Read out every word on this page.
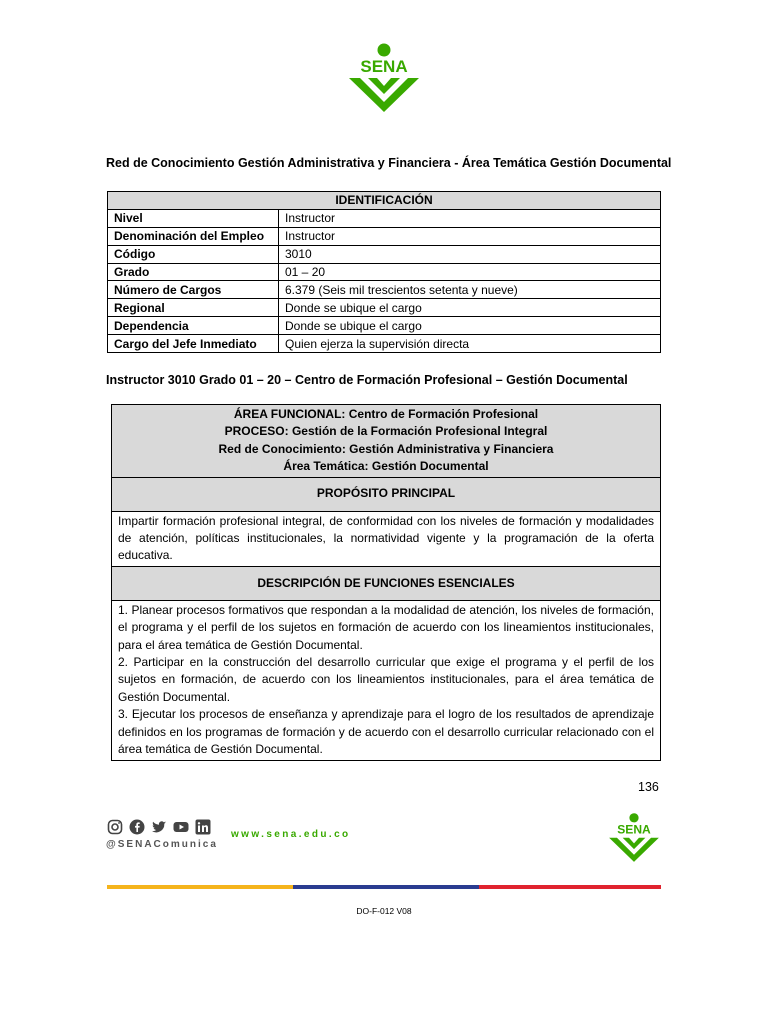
SENA
Red de Conocimiento Gestión Administrativa y Financiera - Área Temática Gestión Documental
IDENTIFICACIÓN	
Nivel	Instructor
Denominación del Empleo	Instructor
Código	3010
Grado	01 – 20
Número de Cargos	6.379 (Seis mil trescientos setenta y nueve)
Regional	Donde se ubique el cargo
Dependencia	Donde se ubique el cargo
Cargo del Jefe Inmediato	Quien ejerza la supervisión directa
Instructor 3010 Grado 01 – 20 – Centro de Formación Profesional – Gestión Documental
ÁREA FUNCIONAL: Centro de Formación Profesional
PROCESO: Gestión de la Formación Profesional Integral
Red de Conocimiento: Gestión Administrativa y Financiera
Área Temática: Gestión Documental

PROPÓSITO PRINCIPAL
Impartir formación profesional integral, de conformidad con los niveles de formación y modalidades de atención, políticas institucionales, la normatividad vigente y la programación de la oferta educativa.
DESCRIPCIÓN DE FUNCIONES ESENCIALES

1. Planear procesos formativos que respondan a la modalidad de atención, los niveles de formación, el programa y el perfil de los sujetos en formación de acuerdo con los lineamientos institucionales, para el área temática de Gestión Documental.
2. Participar en la construcción del desarrollo curricular que exige el programa y el perfil de los sujetos en formación, de acuerdo con los lineamientos institucionales, para el área temática de Gestión Documental.
3. Ejecutar los procesos de enseñanza y aprendizaje para el logro de los resultados de aprendizaje definidos en los programas de formación y de acuerdo con el desarrollo curricular relacionado con el área temática de Gestión Documental.
136
@SENAComunica
www.sena.edu.co	SENA
DO-F-012 V08
